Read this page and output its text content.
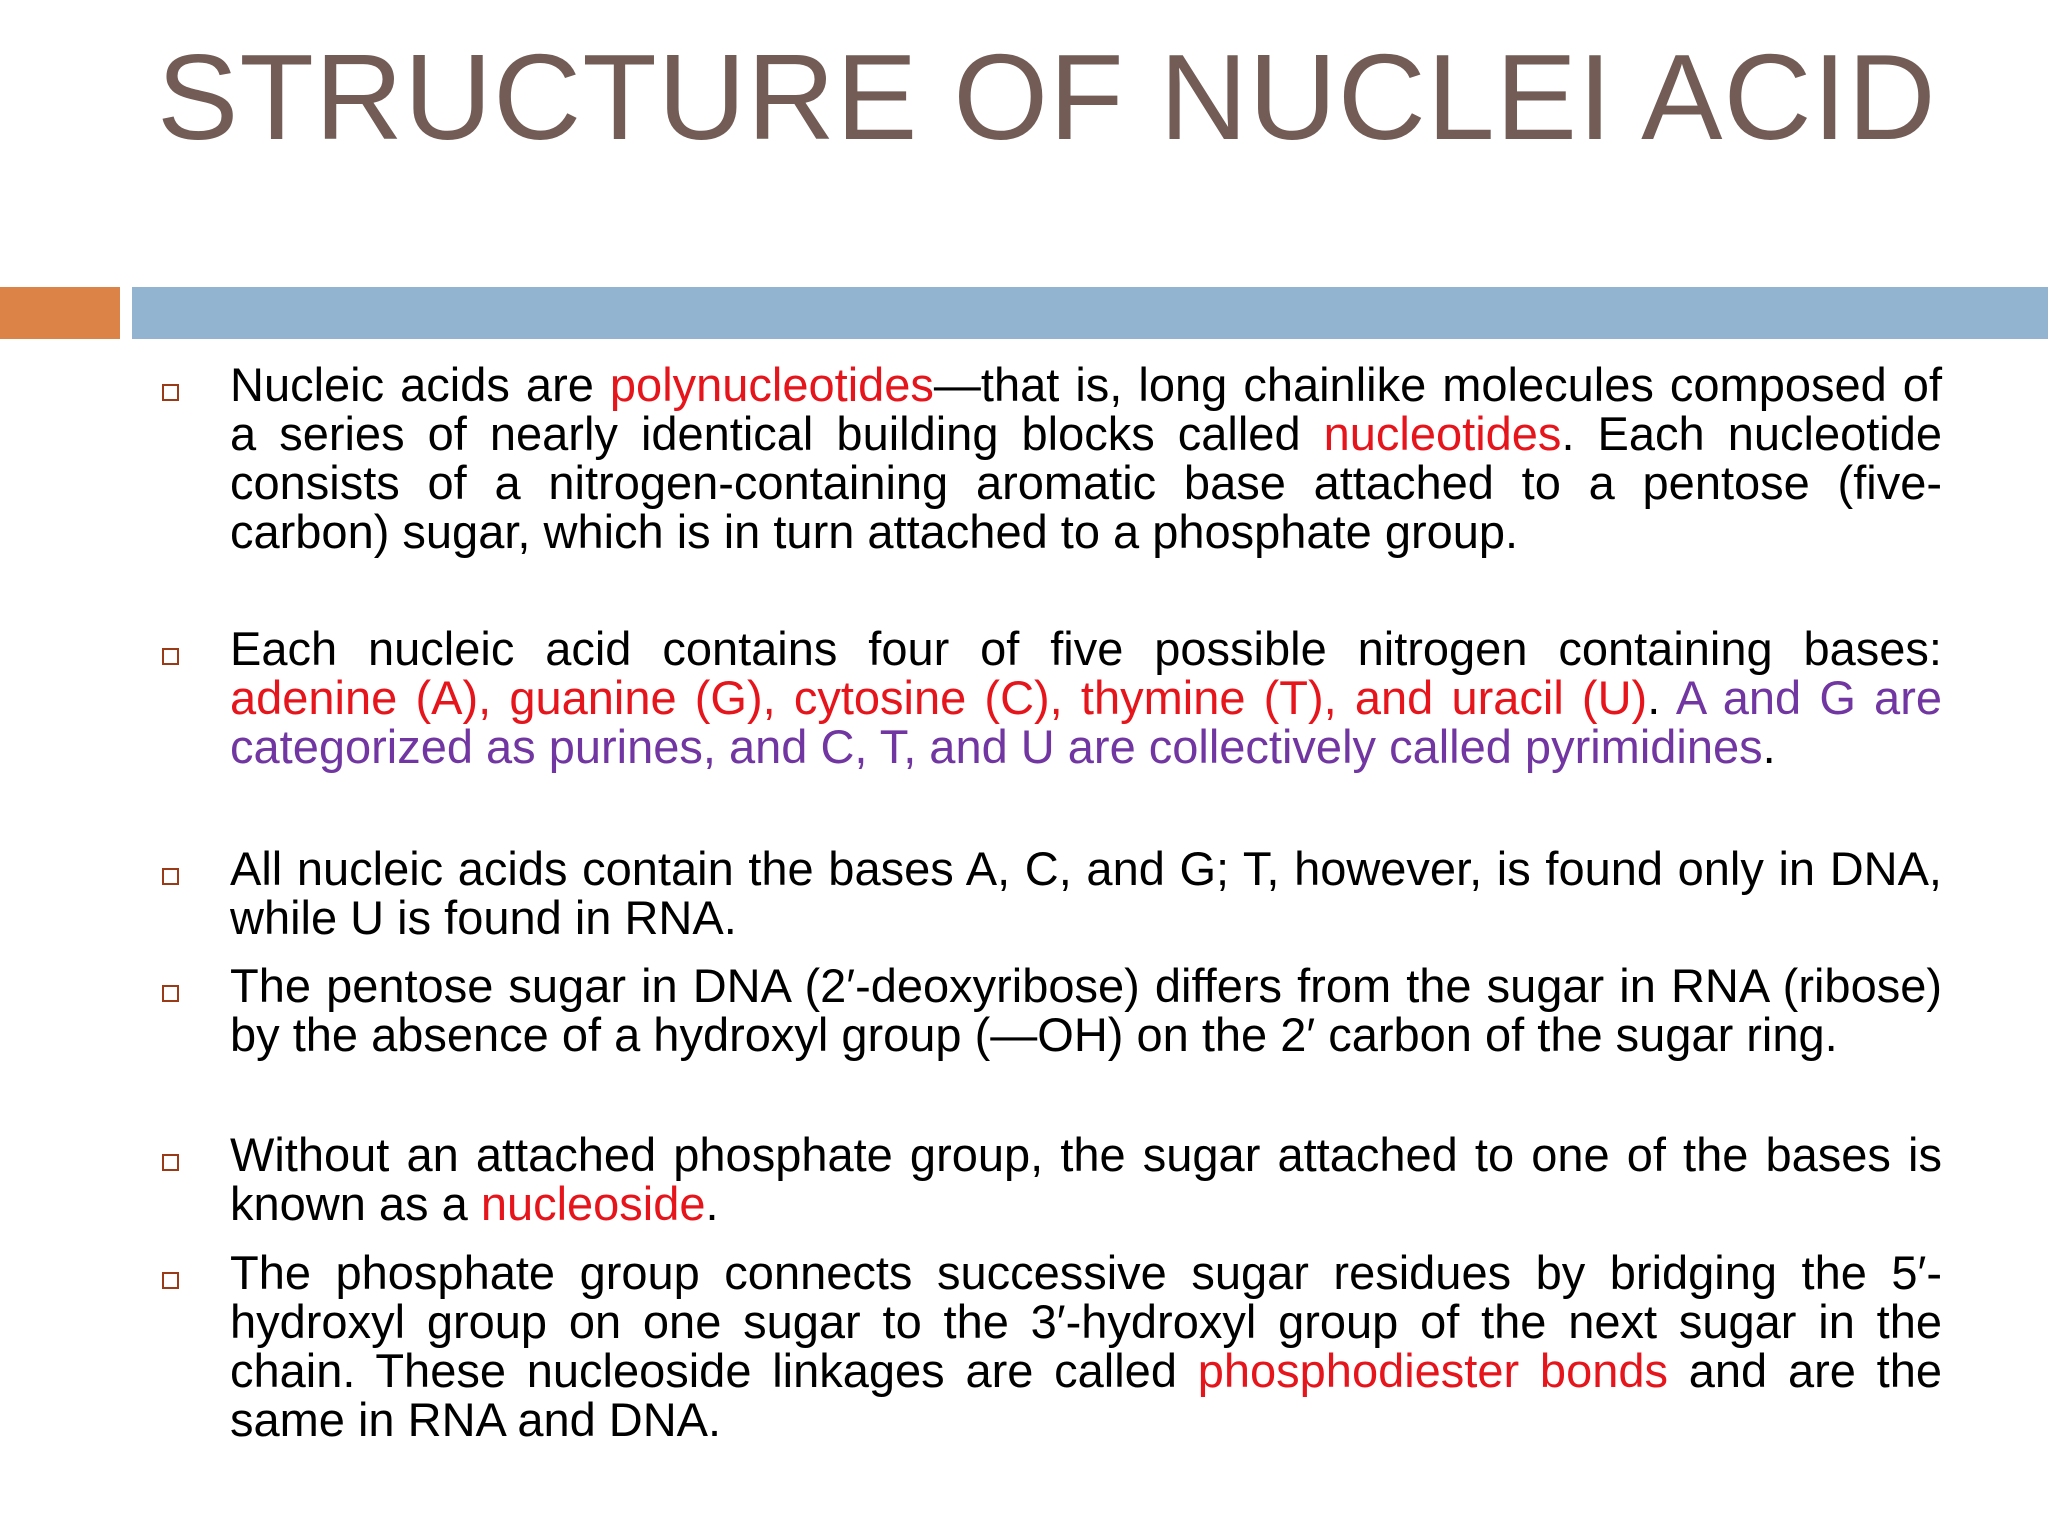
STRUCTURE OF NUCLEI ACID

Nucleic acids are polynucleotides—that is, long chainlike molecules composed of a series of nearly identical building blocks called nucleotides. Each nucleotide consists of a nitrogen-containing aromatic base attached to a pentose (five-carbon) sugar, which is in turn attached to a phosphate group.

Each nucleic acid contains four of five possible nitrogen containing bases: adenine (A), guanine (G), cytosine (C), thymine (T), and uracil (U). A and G are categorized as purines, and C, T, and U are collectively called pyrimidines.

All nucleic acids contain the bases A, C, and G; T, however, is found only in DNA, while U is found in RNA.

The pentose sugar in DNA (2′-deoxyribose) differs from the sugar in RNA (ribose) by the absence of a hydroxyl group (—OH) on the 2′ carbon of the sugar ring.

Without an attached phosphate group, the sugar attached to one of the bases is known as a nucleoside.

The phosphate group connects successive sugar residues by bridging the 5′-hydroxyl group on one sugar to the 3′-hydroxyl group of the next sugar in the chain. These nucleoside linkages are called phosphodiester bonds and are the same in RNA and DNA.
